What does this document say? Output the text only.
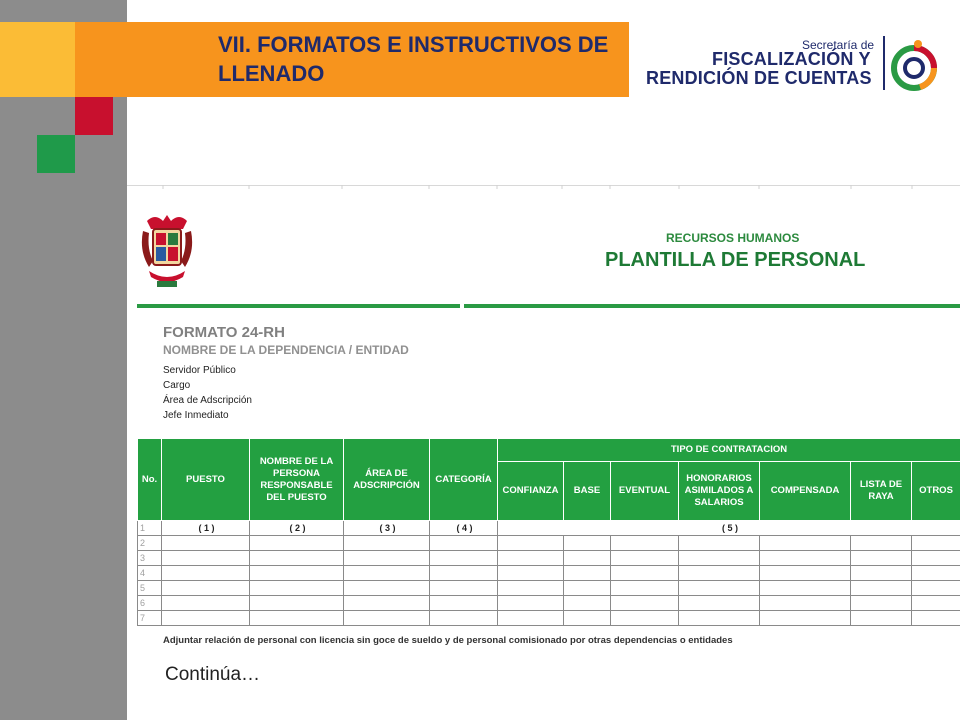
VII. FORMATOS E INSTRUCTIVOS DE LLENADO
Secretaría de
FISCALIZACIÓN Y
RENDICIÓN DE CUENTAS
RECURSOS HUMANOS
PLANTILLA DE PERSONAL
FORMATO 24-RH
NOMBRE DE LA DEPENDENCIA / ENTIDAD
Servidor Público
Cargo
Área de Adscripción
Jefe Inmediato
No.	PUESTO	NOMBRE DE LA PERSONA RESPONSABLE DEL PUESTO	ÁREA DE ADSCRIPCIÓN	CATEGORÍA	TIPO DE CONTRATACION						
					CONFIANZA	BASE	EVENTUAL	HONORARIOS ASIMILADOS A SALARIOS	COMPENSADA	LISTA DE RAYA	OTROS
1	( 1 )	( 2 )	( 3 )	( 4 )	( 5 )						
2											
3											
4											
5											
6											
7											
Adjuntar relación de personal con licencia sin goce de sueldo y de personal comisionado por otras dependencias o entidades
Continúa…
